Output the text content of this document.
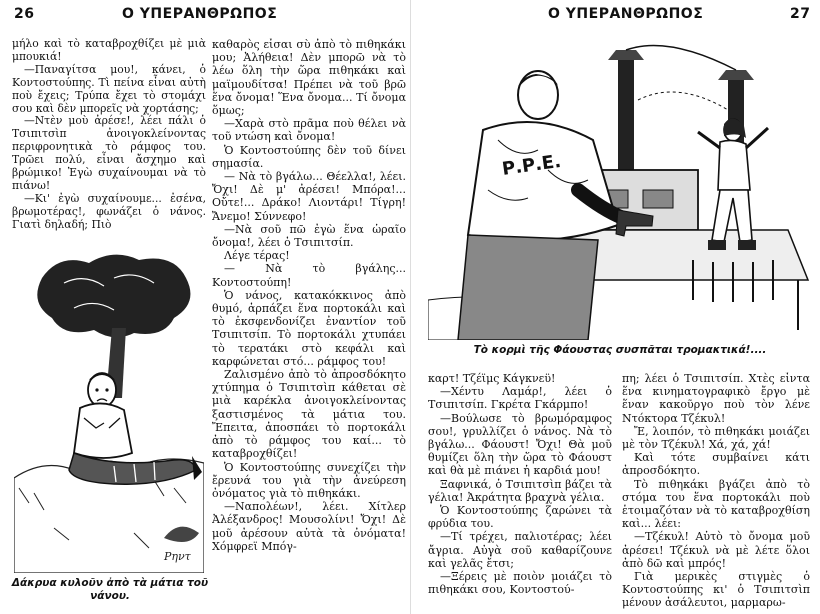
26	Ο ΥΠΕΡΑΝΘΡΩΠΟΣ

μήλο καὶ τὸ καταβροχθίζει μὲ μιὰ μπουκιά!

—Παναγίτσα μου!, κάνει, ὁ Κοντοστούπης. Τὶ πείνα εἶναι αὐτὴ ποὺ ἔχεις; Τρύπα ἔχει τὸ στομάχι σου καὶ δὲν μπορεῖς νὰ χορτάσης;

—Ντὲν μοὺ ἀρέσε!, λέει πάλι ὁ Τσιπιτσὶπ ἀνοιγοκλείνοντας περιφρονητικὰ τὸ ράμφος του. Τρῶει πολύ, εἶναι ἄσχημο καὶ βρώμικο! Ἐγὼ συχαίνουμαι νὰ τὸ πιάνω!

—Κι' ἐγὼ συχαίνουμε... ἐσένα, βρωμοτέρας!, φωνάζει ὁ νάνος. Γιατὶ δηλαδή; Πιὸ

Ρηντ
Δάκρυα κυλοῦν ἀπὸ τὰ μάτια τοῦ νάνου.

καθαρὸς εἶσαι σὺ ἀπὸ τὸ πιθηκάκι μου; Ἀλήθεια! Δὲν μπορῶ νὰ τὸ λέω ὅλη τὴν ὥρα πιθηκάκι καὶ μαϊμουδίτσα! Πρέπει νὰ τοῦ βρῶ ἕνα ὄνομα! Ἕνα ὄνομα... Τί ὄνομα ὅμως;

—Χαρὰ στὸ πρᾶμα ποὺ θέλει νὰ τοῦ ντώση καὶ ὄνομα!

Ὁ Κοντοστούπης δὲν τοῦ δίνει σημασία.

— Νὰ τὸ βγάλω... Θέελλα!, λέει. Ὄχι! Δὲ μ' ἀρέσει! Μπόρα!... Οὔτε!... Δράκο! Λιοντάρι! Τίγρη! Ἄνεμο! Σύννεφο!

—Νὰ σοῦ πῶ ἐγὼ ἕνα ὡραῖο ὄνομα!, λέει ὁ Τσιπιτσίπ.

Λέγε τέρας!

— Νὰ τὸ βγάλης... Κοντοστούπη!

Ὁ νάνος, κατακόκκινος ἀπὸ θυμό, ἁρπάζει ἕνα πορτοκάλι καὶ τὸ ἐκσφενδονίζει ἐναντίον τοῦ Τσιπιτσίπ. Τὸ πορτοκάλι χτυπάει τὸ τερατάκι στὸ κεφάλι καὶ καρφώνεται στό... ράμφος του!

Ζαλισμένο ἀπὸ τὸ ἀπροσδόκητο χτύπημα ὁ Τσιπιτσὶπ κάθεται σὲ μιὰ καρέκλα ἀνοιγοκλείνοντας ξαστισμένος τὰ μάτια του. Ἔπειτα, ἀποσπάει τὸ πορτοκάλι ἀπὸ τὸ ράμφος του καί... τὸ καταβροχθίζει!

Ὁ Κοντοστούπης συνεχίζει τὴν ἔρευνά του γιὰ τὴν ἀνεύρεση ὀνόματος γιὰ τὸ πιθηκάκι.

—Ναπολέων!, λέει. Χίτλερ Ἀλέξανδρος! Μουσολίνι! Ὄχι! Δὲ μοῦ ἀρέσουν αὐτὰ τὰ ὀνόματα! Χόμφρεϊ Μπόγ-

Ο ΥΠΕΡΑΝΘΡΩΠΟΣ	27
Ρ.Ρ.Ε.
Τὸ κορμὶ τῆς Φάουστας συσπᾶται τρομακτικά!....

καρτ! Τζέϊμς Κάγκνεϋ!

—Χέντυ Λαμάρ!, λέει ὁ Τσιπιτσίπ. Γκρέτα Γκάρμπο!

—Βούλωσε τὸ βρωμόραμφος σου!, γρυλλίζει ὁ νάνος. Νὰ τὸ βγάλω... Φάουστ! Ὄχι! Θὰ μοῦ θυμίζει ὅλη τὴν ὥρα τὸ Φάουστ καὶ θὰ μὲ πιάνει ἡ καρδιά μου!

Ξαφνικά, ὁ Τσιπιτσὶπ βάζει τὰ γέλια! Ἀκράτητα βραχνὰ γέλια.

Ὁ Κοντοστούπης ζαρώνει τὰ φρύδια του.

—Τί τρέχει, παλιοτέρας; λέει ἄγρια. Αὐγὰ σοῦ καθαρίζουνε καὶ γελᾶς ἔτσι;

—Ξέρεις μὲ ποιὸν μοιάζει τὸ πιθηκάκι σου, Κοντοστού-

πη; λέει ὁ Τσιπιτσίπ. Χτὲς εἶντα ἕνα κινηματογραφικὸ ἔργο μὲ ἕναν κακοῦργο ποὺ τὸν λένε Ντόκτορα Τζέκυλ!

Ἔ, λοιπόν, τὸ πιθηκάκι μοιάζει μὲ τὸν Τζέκυλ! Χά, χά, χά!

Καὶ τότε συμβαίνει κάτι ἀπροσδόκητο.

Τὸ πιθηκάκι βγάζει ἀπὸ τὸ στόμα του ἕνα πορτοκάλι ποὺ ἑτοιμαζόταν νὰ τὸ καταβροχθίση καὶ... λέει:

—Τζέκυλ! Αὐτὸ τὸ ὄνομα μοῦ ἀρέσει! Τζέκυλ νὰ μὲ λέτε ὅλοι ἀπὸ δῶ καὶ μπρός!

Γιὰ μερικὲς στιγμὲς ὁ Κοντοστούπης κι' ὁ Τσιπιτσὶπ μένουν ἀσάλευτοι, μαρμαρω-
